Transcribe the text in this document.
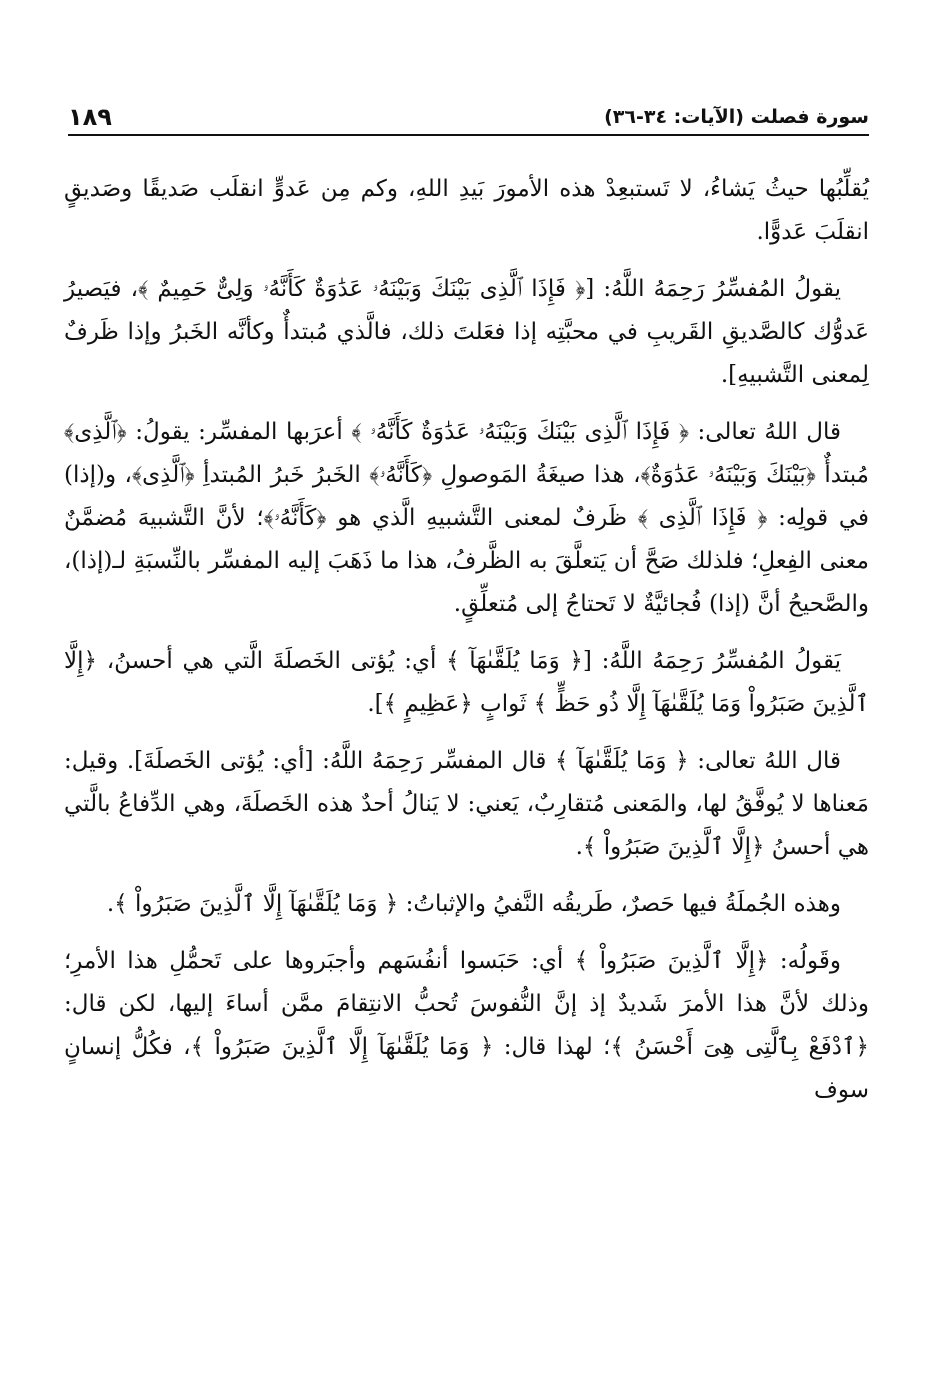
سورة فصلت (الآيات: ٣٤-٣٦)
١٨٩

يُقلِّبُها حيثُ يَشاءُ، لا تَستبعِدْ هذه الأمورَ بَيدِ اللهِ، وكم مِن عَدوٍّ انقلَب صَديقًا وصَديقٍ انقلَبَ عَدوًّا.

يقولُ المُفسِّرُ رَحِمَهُ اللَّهُ: [﴿ فَإِذَا ٱلَّذِى بَيْنَكَ وَبَيْنَهُۥ عَدَٰوَةٌ كَأَنَّهُۥ وَلِىٌّ حَمِيمٌ ﴾، فيَصيرُ عَدوُّك كالصَّديقِ القَريبِ في محبَّتِه إذا فعَلتَ ذلك، فالَّذي مُبتدأٌ وكأنَّه الخَبرُ وإذا ظَرفٌ لِمعنى التَّشبيهِ].

قال اللهُ تعالى: ﴿ فَإِذَا ٱلَّذِى بَيْنَكَ وَبَيْنَهُۥ عَدَٰوَةٌ كَأَنَّهُۥ ﴾ أعرَبها المفسِّر: يقولُ: ﴿ٱلَّذِى﴾ مُبتدأٌ ﴿بَيْنَكَ وَبَيْنَهُۥ عَدَٰوَةٌ﴾، هذا صيغَةُ المَوصولِ ﴿كَأَنَّهُۥ﴾ الخَبرُ خَبرُ المُبتدأِ ﴿ٱلَّذِى﴾، و(إذا) في قولِه: ﴿ فَإِذَا ٱلَّذِى ﴾ ظَرفٌ لمعنى التَّشبيهِ الَّذي هو ﴿كَأَنَّهُۥ﴾؛ لأنَّ التَّشبيهَ مُضمَّنٌ معنى الفِعلِ؛ فلذلك صَحَّ أن يَتعلَّقَ به الظَّرفُ، هذا ما ذَهَبَ إليه المفسِّر بالنِّسبَةِ لـ(إذا)، والصَّحيحُ أنَّ (إذا) فُجائيَّةٌ لا تَحتاجُ إلى مُتعلِّقٍ.

يَقولُ المُفسِّرُ رَحِمَهُ اللَّهُ: [﴿ وَمَا يُلَقَّىٰهَآ ﴾ أي: يُؤتى الخَصلَةَ الَّتي هي أحسنُ، ﴿إِلَّا ٱلَّذِينَ صَبَرُواْ وَمَا يُلَقَّىٰهَآ إِلَّا ذُو حَظٍّ ﴾ ثَوابٍ ﴿عَظِيمٍ ﴾].

قال اللهُ تعالى: ﴿ وَمَا يُلَقَّىٰهَآ ﴾ قال المفسِّر رَحِمَهُ اللَّهُ: [أي: يُؤتى الخَصلَةَ]. وقيل: مَعناها لا يُوفَّقُ لها، والمَعنى مُتقارِبٌ، يَعني: لا يَنالُ أحدٌ هذه الخَصلَةَ، وهي الدِّفاعُ بالَّتي هي أحسنُ ﴿إِلَّا ٱلَّذِينَ صَبَرُواْ ﴾.

وهذه الجُملَةُ فيها حَصرٌ، طَريقُه النَّفيُ والإثباتُ: ﴿ وَمَا يُلَقَّىٰهَآ إِلَّا ٱلَّذِينَ صَبَرُواْ ﴾.

وقَولُه: ﴿إِلَّا ٱلَّذِينَ صَبَرُواْ ﴾ أي: حَبَسوا أنفُسَهم وأجبَروها على تَحمُّلِ هذا الأمرِ؛ وذلك لأنَّ هذا الأمرَ شَديدٌ إذ إنَّ النُّفوسَ تُحبُّ الانتِقامَ ممَّن أساءَ إليها، لكن قال: ﴿ٱدْفَعْ بِٱلَّتِى هِىَ أَحْسَنُ ﴾؛ لهذا قال: ﴿ وَمَا يُلَقَّىٰهَآ إِلَّا ٱلَّذِينَ صَبَرُواْ ﴾، فكُلُّ إنسانٍ سوف
